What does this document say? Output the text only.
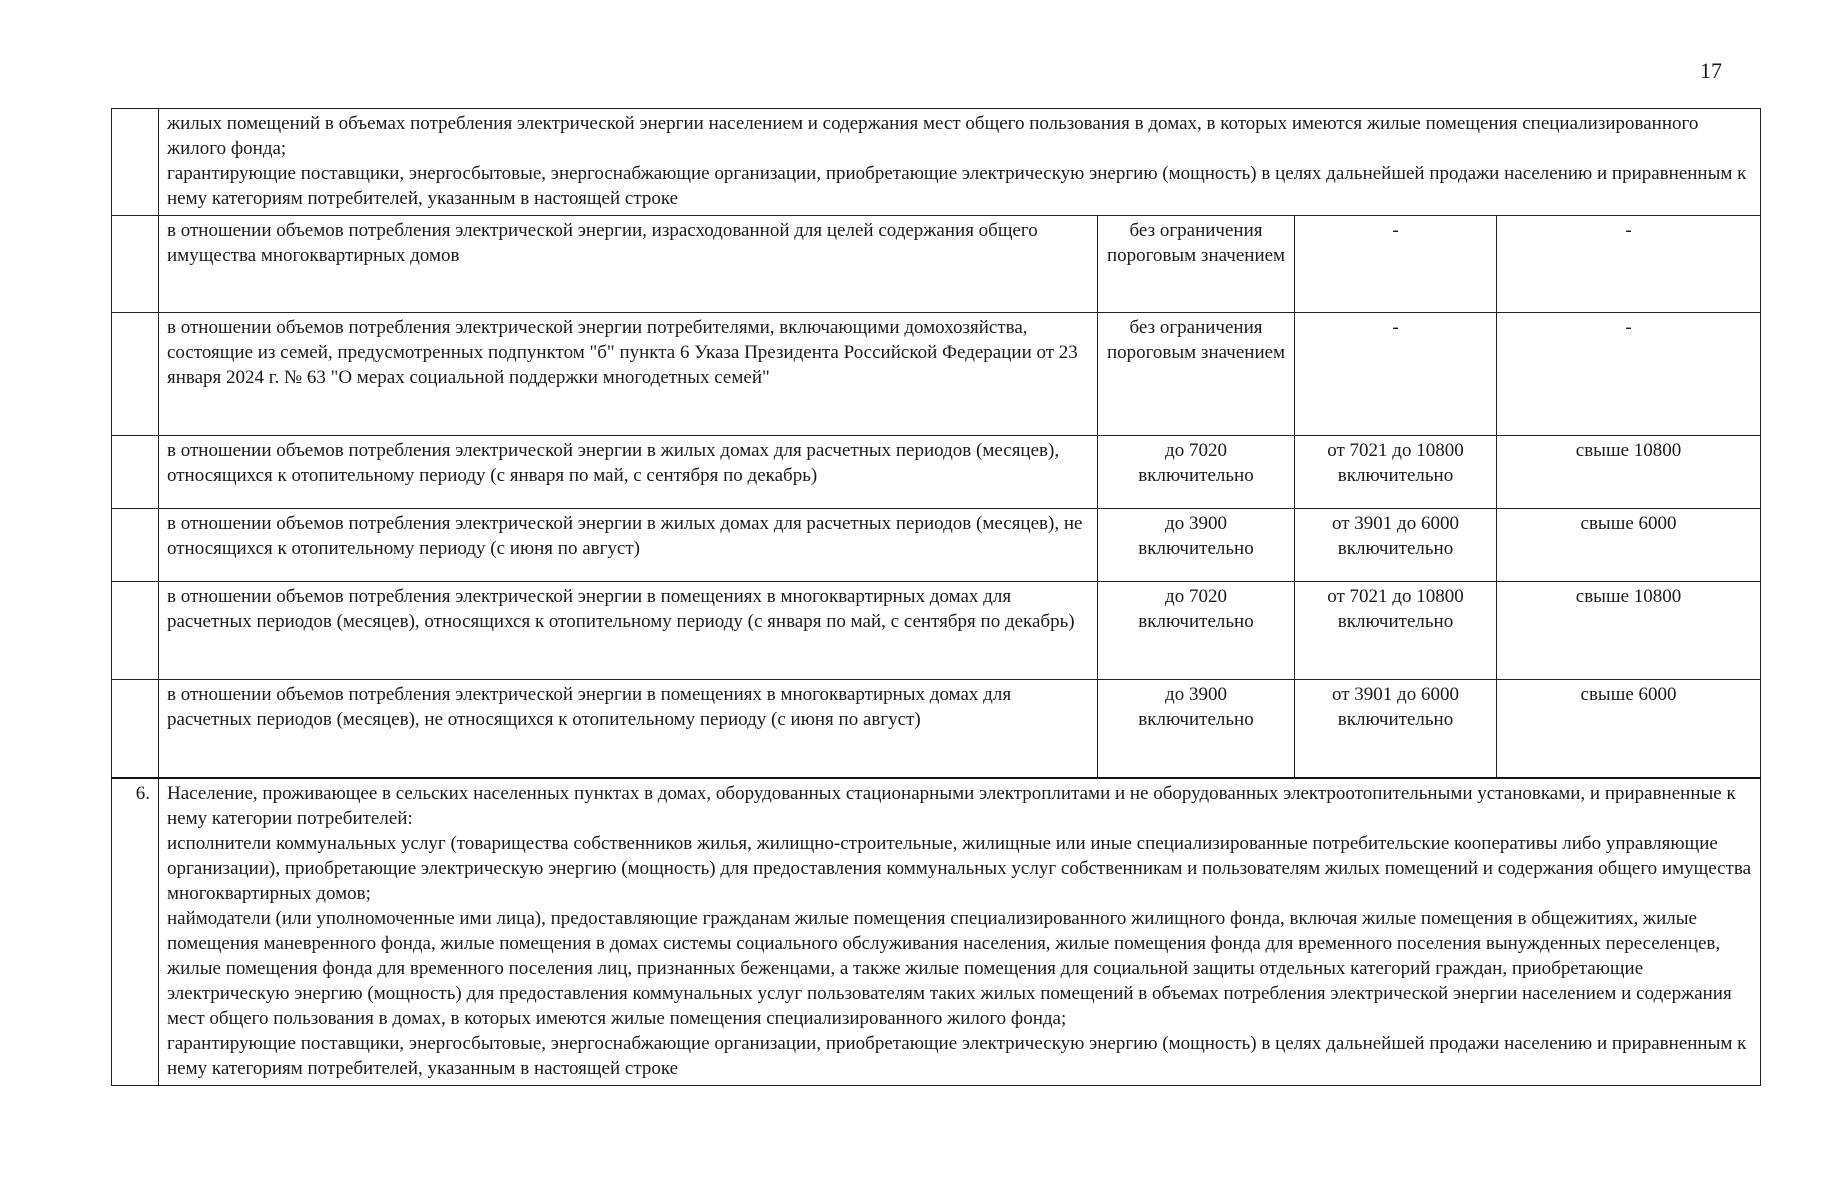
17

	жилых помещений в объемах потребления электрической энергии населением и содержания мест общего пользования в домах, в которых имеются жилые помещения специализированного жилого фонда;
гарантирующие поставщики, энергосбытовые, энергоснабжающие организации, приобретающие электрическую энергию (мощность) в целях дальнейшей продажи населению и приравненным к нему категориям потребителей, указанным в настоящей строке			

	в отношении объемов потребления электрической энергии, израсходованной для целей содержания общего имущества многоквартирных домов	без ограничения пороговым значением	-	-
	в отношении объемов потребления электрической энергии потребителями, включающими домохозяйства, состоящие из семей, предусмотренных подпунктом "б" пункта 6 Указа Президента Российской Федерации от 23 января 2024 г. № 63 "О мерах социальной поддержки многодетных семей"	без ограничения пороговым значением	-	-
	в отношении объемов потребления электрической энергии в жилых домах для расчетных периодов (месяцев), относящихся к отопительному периоду (с января по май, с сентября по декабрь)	до 7020 включительно	от 7021 до 10800 включительно	свыше 10800
	в отношении объемов потребления электрической энергии в жилых домах для расчетных периодов (месяцев), не относящихся к отопительному периоду (с июня по август)	до 3900 включительно	от 3901 до 6000 включительно	свыше 6000
	в отношении объемов потребления электрической энергии в помещениях в многоквартирных домах для расчетных периодов (месяцев), относящихся к отопительному периоду (с января по май, с сентября по декабрь)	до 7020 включительно	от 7021 до 10800 включительно	свыше 10800
	в отношении объемов потребления электрической энергии в помещениях в многоквартирных домах для расчетных периодов (месяцев), не относящихся к отопительному периоду (с июня по август)	до 3900 включительно	от 3901 до 6000 включительно	свыше 6000
6.	Население, проживающее в сельских населенных пунктах в домах, оборудованных стационарными электроплитами и не оборудованных электроотопительными установками, и приравненные к нему категории потребителей:
исполнители коммунальных услуг (товарищества собственников жилья, жилищно-строительные, жилищные или иные специализированные потребительские кооперативы либо управляющие организации), приобретающие электрическую энергию (мощность) для предоставления коммунальных услуг собственникам и пользователям жилых помещений и содержания общего имущества многоквартирных домов;
наймодатели (или уполномоченные ими лица), предоставляющие гражданам жилые помещения специализированного жилищного фонда, включая жилые помещения в общежитиях, жилые помещения маневренного фонда, жилые помещения в домах системы социального обслуживания населения, жилые помещения фонда для временного поселения вынужденных переселенцев, жилые помещения фонда для временного поселения лиц, признанных беженцами, а также жилые помещения для социальной защиты отдельных категорий граждан, приобретающие электрическую энергию (мощность) для предоставления коммунальных услуг пользователям таких жилых помещений в объемах потребления электрической энергии населением и содержания мест общего пользования в домах, в которых имеются жилые помещения специализированного жилого фонда;
гарантирующие поставщики, энергосбытовые, энергоснабжающие организации, приобретающие электрическую энергию (мощность) в целях дальнейшей продажи населению и приравненным к нему категориям потребителей, указанным в настоящей строке			
